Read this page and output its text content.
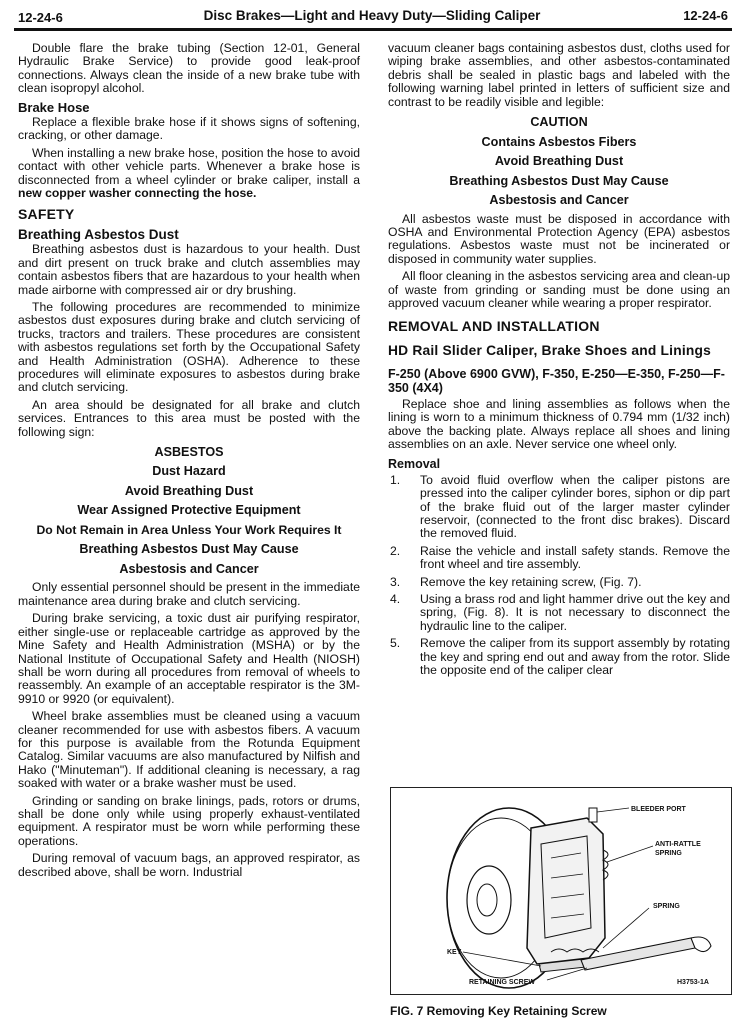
12-24-6	Disc Brakes—Light and Heavy Duty—Sliding Caliper	12-24-6

Double flare the brake tubing (Section 12-01, General Hydraulic Brake Service) to provide good leak-proof connections. Always clean the inside of a new brake tube with clean isopropyl alcohol.

Brake Hose

Replace a flexible brake hose if it shows signs of softening, cracking, or other damage.

When installing a new brake hose, position the hose to avoid contact with other vehicle parts. Whenever a brake hose is disconnected from a wheel cylinder or brake caliper, install a new copper washer connecting the hose.

SAFETY
Breathing Asbestos Dust

Breathing asbestos dust is hazardous to your health. Dust and dirt present on truck brake and clutch assemblies may contain asbestos fibers that are hazardous to your health when made airborne with compressed air or dry brushing.

The following procedures are recommended to minimize asbestos dust exposures during brake and clutch servicing of trucks, tractors and trailers. These procedures are consistent with asbestos regulations set forth by the Occupational Safety and Health Administration (OSHA). Adherence to these procedures will eliminate exposures to asbestos during brake and clutch servicing.

An area should be designated for all brake and clutch services. Entrances to this area must be posted with the following sign:

ASBESTOS
Dust Hazard
Avoid Breathing Dust
Wear Assigned Protective Equipment
Do Not Remain in Area Unless Your Work Requires It
Breathing Asbestos Dust May Cause
Asbestosis and Cancer

Only essential personnel should be present in the immediate maintenance area during brake and clutch servicing.

During brake servicing, a toxic dust air purifying respirator, either single-use or replaceable cartridge as approved by the Mine Safety and Health Administration (MSHA) or by the National Institute of Occupational Safety and Health (NIOSH) shall be worn during all procedures from removal of wheels to reassembly. An example of an acceptable respirator is the 3M-9910 or 9920 (or equivalent).

Wheel brake assemblies must be cleaned using a vacuum cleaner recommended for use with asbestos fibers. A vacuum for this purpose is available from the Rotunda Equipment Catalog. Similar vacuums are also manufactured by Nilfish and Hako ("Minuteman"). If additional cleaning is necessary, a rag soaked with water or a brake washer must be used.

Grinding or sanding on brake linings, pads, rotors or drums, shall be done only while using properly exhaust-ventilated equipment. A respirator must be worn while performing these operations.

During removal of vacuum bags, an approved respirator, as described above, shall be worn. Industrial

vacuum cleaner bags containing asbestos dust, cloths used for wiping brake assemblies, and other asbestos-contaminated debris shall be sealed in plastic bags and labeled with the following warning label printed in letters of sufficient size and contrast to be readily visible and legible:

CAUTION
Contains Asbestos Fibers
Avoid Breathing Dust
Breathing Asbestos Dust May Cause
Asbestosis and Cancer

All asbestos waste must be disposed in accordance with OSHA and Environmental Protection Agency (EPA) asbestos regulations. Asbestos waste must not be incinerated or disposed in community water supplies.

All floor cleaning in the asbestos servicing area and clean-up of waste from grinding or sanding must be done using an approved vacuum cleaner while wearing a proper respirator.

REMOVAL AND INSTALLATION
HD Rail Slider Caliper, Brake Shoes and Linings
F-250 (Above 6900 GVW), F-350, E-250—E-350, F-250—F-350 (4X4)

Replace shoe and lining assemblies as follows when the lining is worn to a minimum thickness of 0.794 mm (1/32 inch) above the backing plate. Always replace all shoes and lining assemblies on an axle. Never service one wheel only.

Removal
1. To avoid fluid overflow when the caliper pistons are pressed into the caliper cylinder bores, siphon or dip part of the brake fluid out of the larger master cylinder reservoir, (connected to the front disc brakes). Discard the removed fluid.
2. Raise the vehicle and install safety stands. Remove the front wheel and tire assembly.
3. Remove the key retaining screw, (Fig. 7).
4. Using a brass rod and light hammer drive out the key and spring, (Fig. 8). It is not necessary to disconnect the hydraulic line to the caliper.
5. Remove the caliper from its support assembly by rotating the key and spring end out and away from the rotor. Slide the opposite end of the caliper clear
BLEEDER PORT
ANTI-RATTLE
SPRING
SPRING
KEY
RETAINING SCREW	H3753-1A
FIG. 7 Removing Key Retaining Screw
